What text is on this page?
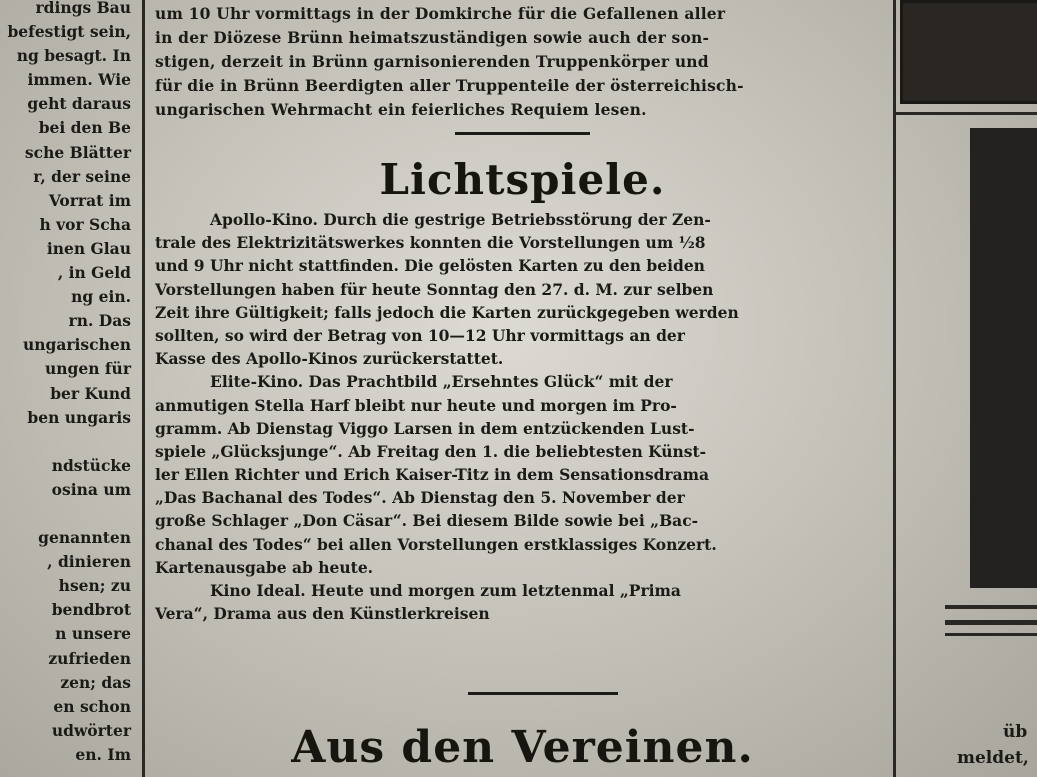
rdings Bau
befestigt sein,
ng besagt. In
immen. Wie
geht daraus
bei den Be
sche Blätter
r, der seine
Vorrat im
h vor Scha
inen Glau
, in Geld
ng ein.
rn. Das
ungarischen
ungen für
ber Kund
ben ungaris
ndstücke
osina um
genannten
, dinieren
hsen; zu
bendbrot
n unsere
zufrieden
zen; das
en schon
udwörter
en. Im
um 10 Uhr vormittags in der Domkirche für die Gefallenen aller
in der Diözese Brünn heimatszuständigen sowie auch der son-
stigen, derzeit in Brünn garnisonierenden Truppenkörper und
für die in Brünn Beerdigten aller Truppenteile der österreichisch-
ungarischen Wehrmacht ein feierliches Requiem lesen.
Lichtspiele.
Apollo-Kino. Durch die gestrige Betriebsstörung der Zen-
trale des Elektrizitätswerkes konnten die Vorstellungen um ½8
und 9 Uhr nicht stattfinden. Die gelösten Karten zu den beiden
Vorstellungen haben für heute Sonntag den 27. d. M. zur selben
Zeit ihre Gültigkeit; falls jedoch die Karten zurückgegeben werden
sollten, so wird der Betrag von 10—12 Uhr vormittags an der
Kasse des Apollo-Kinos zurückerstattet.
Elite-Kino. Das Prachtbild „Ersehntes Glück“ mit der
anmutigen Stella Harf bleibt nur heute und morgen im Pro-
gramm. Ab Dienstag Viggo Larsen in dem entzückenden Lust-
spiele „Glücksjunge“. Ab Freitag den 1. die beliebtesten Künst-
ler Ellen Richter und Erich Kaiser-Titz in dem Sensationsdrama
„Das Bachanal des Todes“. Ab Dienstag den 5. November der
große Schlager „Don Cäsar“. Bei diesem Bilde sowie bei „Bac-
chanal des Todes“ bei allen Vorstellungen erstklassiges Konzert.
Kartenausgabe ab heute.
Kino Ideal. Heute und morgen zum letztenmal „Prima
Vera“, Drama aus den Künstlerkreisen
Aus den Vereinen.	üb
meldet,
